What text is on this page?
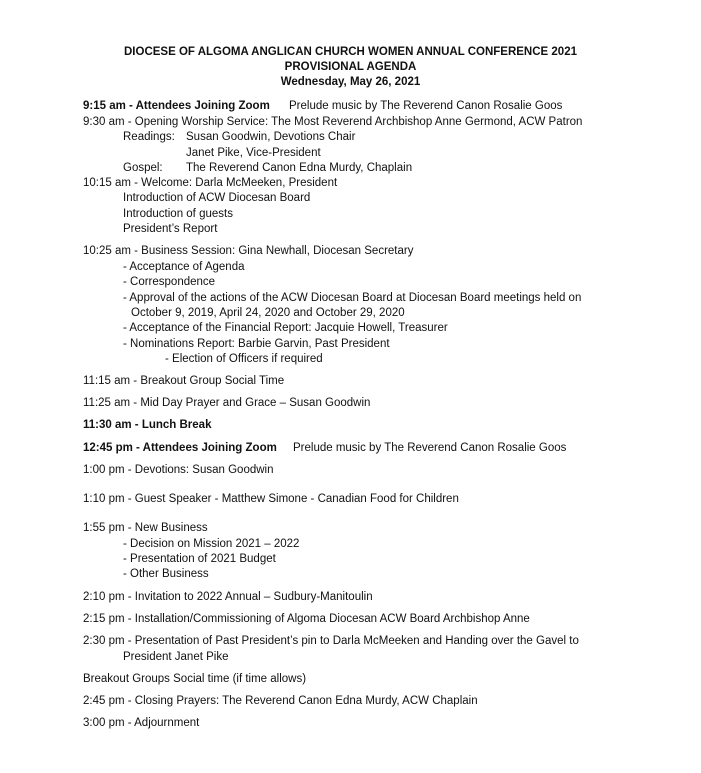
DIOCESE OF ALGOMA ANGLICAN CHURCH WOMEN ANNUAL CONFERENCE 2021
PROVISIONAL AGENDA
Wednesday, May 26, 2021
9:15 am - Attendees Joining Zoom Prelude music by The Reverend Canon Rosalie Goos
9:30 am - Opening Worship Service: The Most Reverend Archbishop Anne Germond, ACW Patron
Readings: Susan Goodwin, Devotions Chair
Janet Pike, Vice-President
Gospel: The Reverend Canon Edna Murdy, Chaplain
10:15 am - Welcome: Darla McMeeken, President
Introduction of ACW Diocesan Board
Introduction of guests
President’s Report
10:25 am - Business Session: Gina Newhall, Diocesan Secretary
- Acceptance of Agenda
- Correspondence
- Approval of the actions of the ACW Diocesan Board at Diocesan Board meetings held on
October 9, 2019, April 24, 2020 and October 29, 2020
- Acceptance of the Financial Report: Jacquie Howell, Treasurer
- Nominations Report: Barbie Garvin, Past President
- Election of Officers if required
11:15 am - Breakout Group Social Time
11:25 am - Mid Day Prayer and Grace – Susan Goodwin
11:30 am - Lunch Break
12:45 pm - Attendees Joining Zoom Prelude music by The Reverend Canon Rosalie Goos
1:00 pm - Devotions: Susan Goodwin
1:10 pm - Guest Speaker - Matthew Simone - Canadian Food for Children
1:55 pm - New Business
- Decision on Mission 2021 – 2022
- Presentation of 2021 Budget
- Other Business
2:10 pm - Invitation to 2022 Annual – Sudbury-Manitoulin
2:15 pm - Installation/Commissioning of Algoma Diocesan ACW Board Archbishop Anne
2:30 pm - Presentation of Past President’s pin to Darla McMeeken and Handing over the Gavel to
President Janet Pike
Breakout Groups Social time (if time allows)
2:45 pm - Closing Prayers: The Reverend Canon Edna Murdy, ACW Chaplain
3:00 pm - Adjournment
